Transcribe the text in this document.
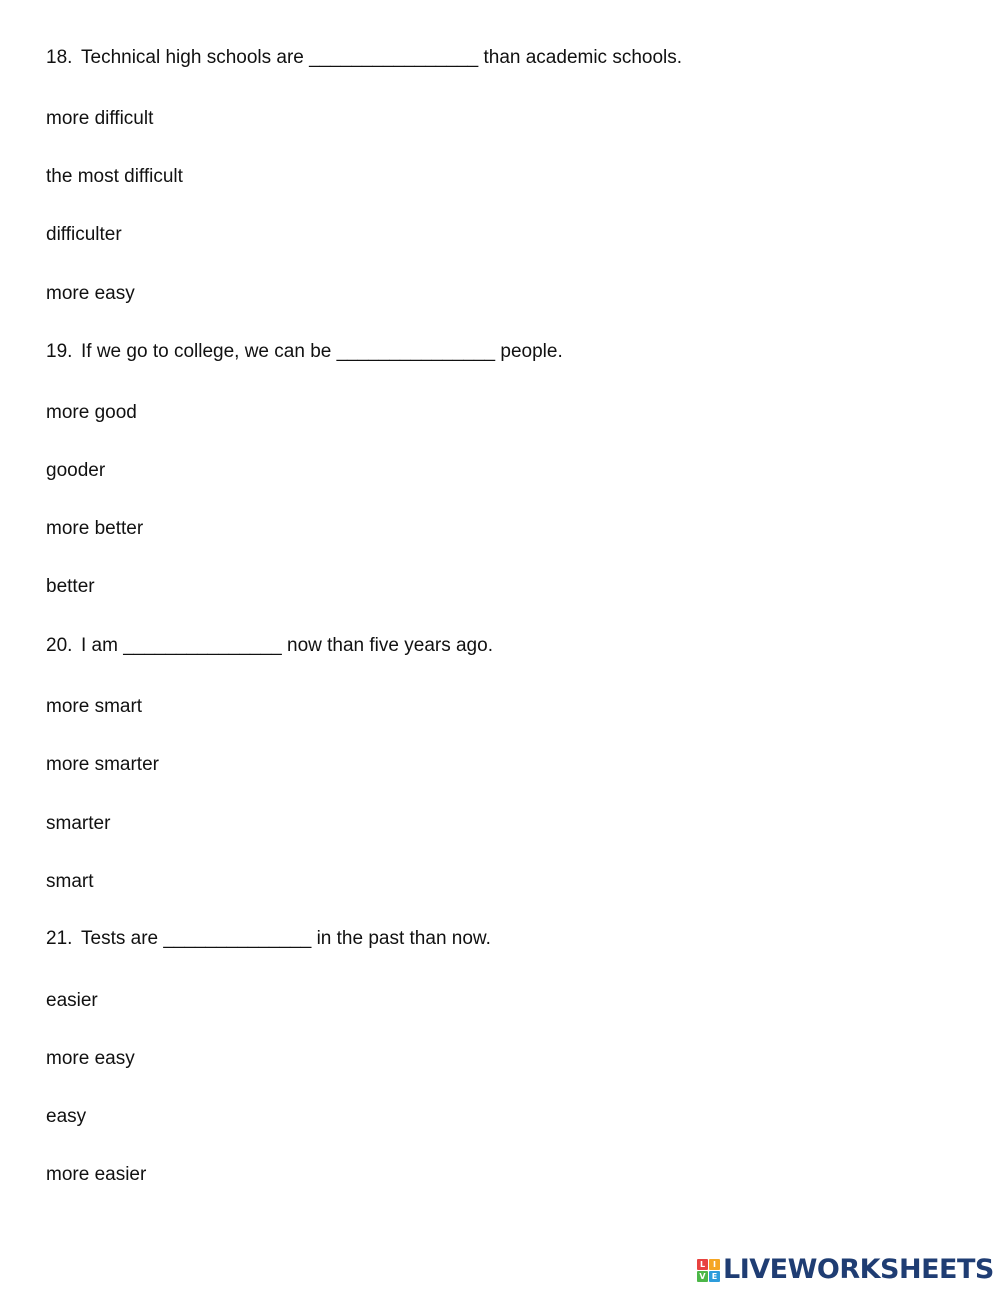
18. Technical high schools are ________________ than academic schools.

more difficult

the most difficult

difficulter

more easy

19. If we go to college, we can be _______________ people.

more good

gooder

more better

better

20. I am _______________ now than five years ago.

more smart

more smarter

smarter

smart

21. Tests are ______________ in the past than now.

easier

more easy

easy

more easier

L I
V E LIVEWORKSHEETS
